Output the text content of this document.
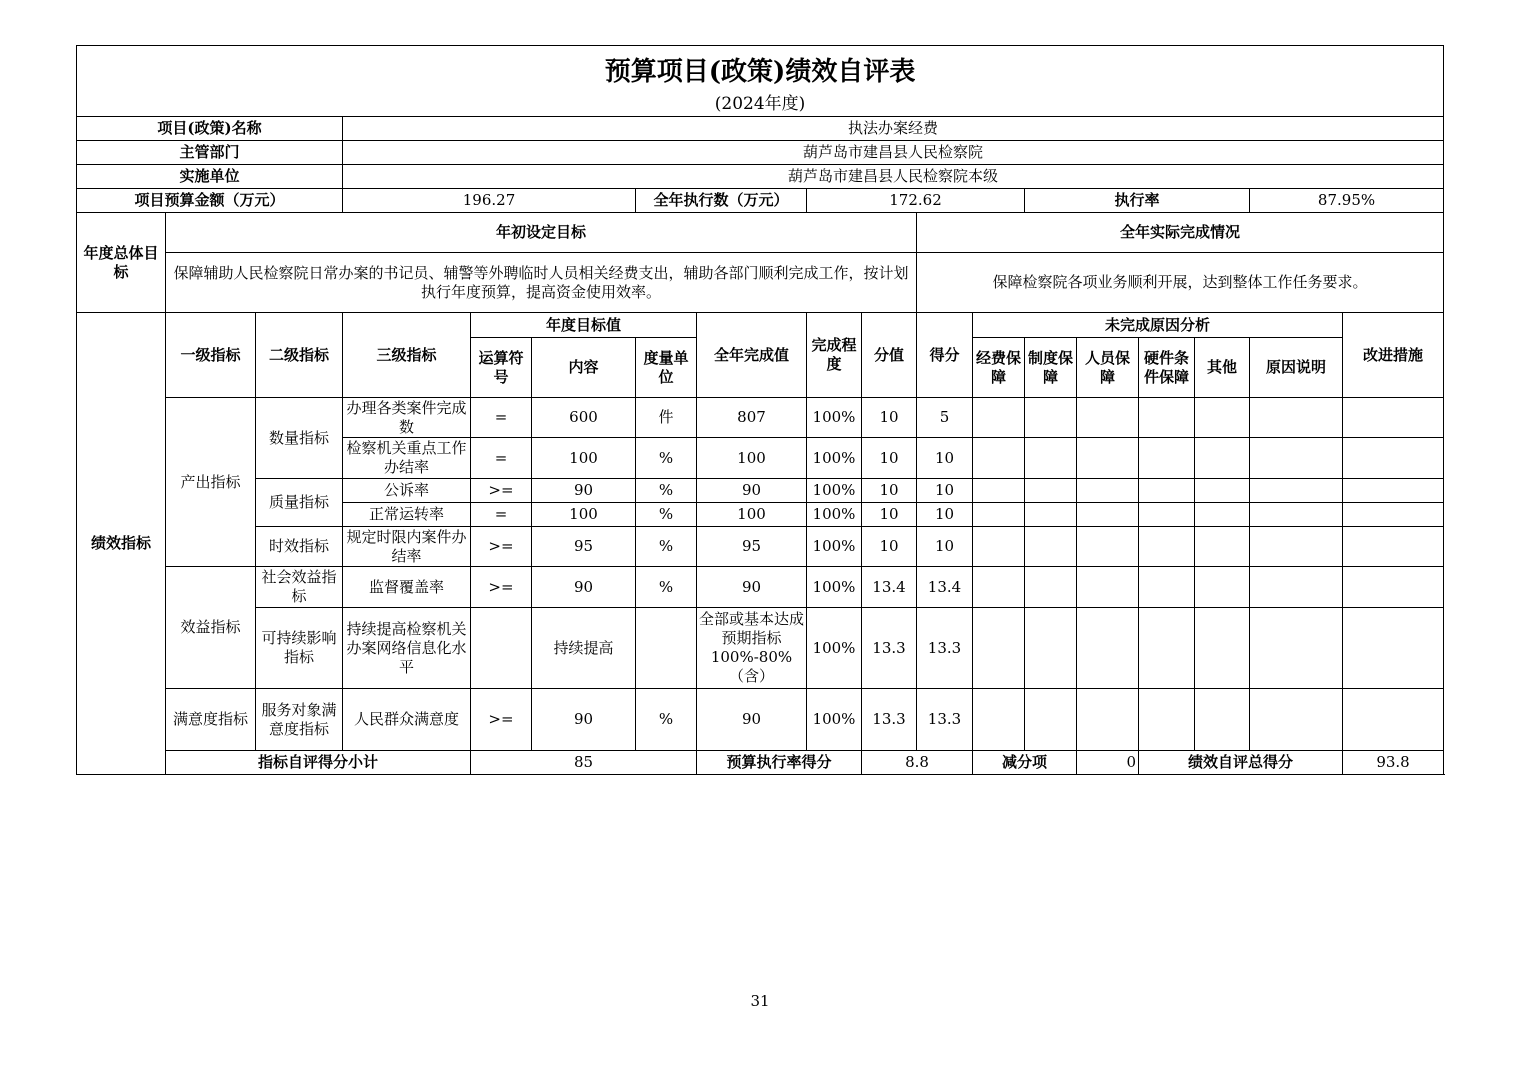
预算项目(政策)绩效自评表																	
(2024年度)																	
项目(政策)名称			执法办案经费														
主管部门			葫芦岛市建昌县人民检察院														
实施单位			葫芦岛市建昌县人民检察院本级														
项目预算金额（万元）			196.27			全年执行数（万元）		172.62				执行率				87.95%	
年度总体目标	年初设定目标									全年实际完成情况							
	保障辅助人民检察院日常办案的书记员、辅警等外聘临时人员相关经费支出，辅助各部门顺利完成工作，按计划执行年度预算，提高资金使用效率。									保障检察院各项业务顺利开展，达到整体工作任务要求。							
绩效指标	一级指标	二级指标	三级指标	年度目标值			全年完成值	完成程度	分值	得分	未完成原因分析						改进措施
				运算符号	内容	度量单位					经费保障	制度保障	人员保障	硬件条件保障	其他	原因说明	
	产出指标	数量指标	办理各类案件完成数	=	600	件	807	100%	10	5							
			检察机关重点工作办结率	=	100	%	100	100%	10	10							
		质量指标	公诉率	>=	90	%	90	100%	10	10							
			正常运转率	=	100	%	100	100%	10	10							
		时效指标	规定时限内案件办结率	>=	95	%	95	100%	10	10							
	效益指标	社会效益指标	监督覆盖率	>=	90	%	90	100%	13.4	13.4							
		可持续影响指标	持续提高检察机关办案网络信息化水平		持续提高		全部或基本达成预期指标100%-80%（含）	100%	13.3	13.3							
	满意度指标	服务对象满意度指标	人民群众满意度	>=	90	%	90	100%	13.3	13.3							
	指标自评得分小计			85			预算执行率得分		8.8		减分项		0	绩效自评总得分			93.8
31
